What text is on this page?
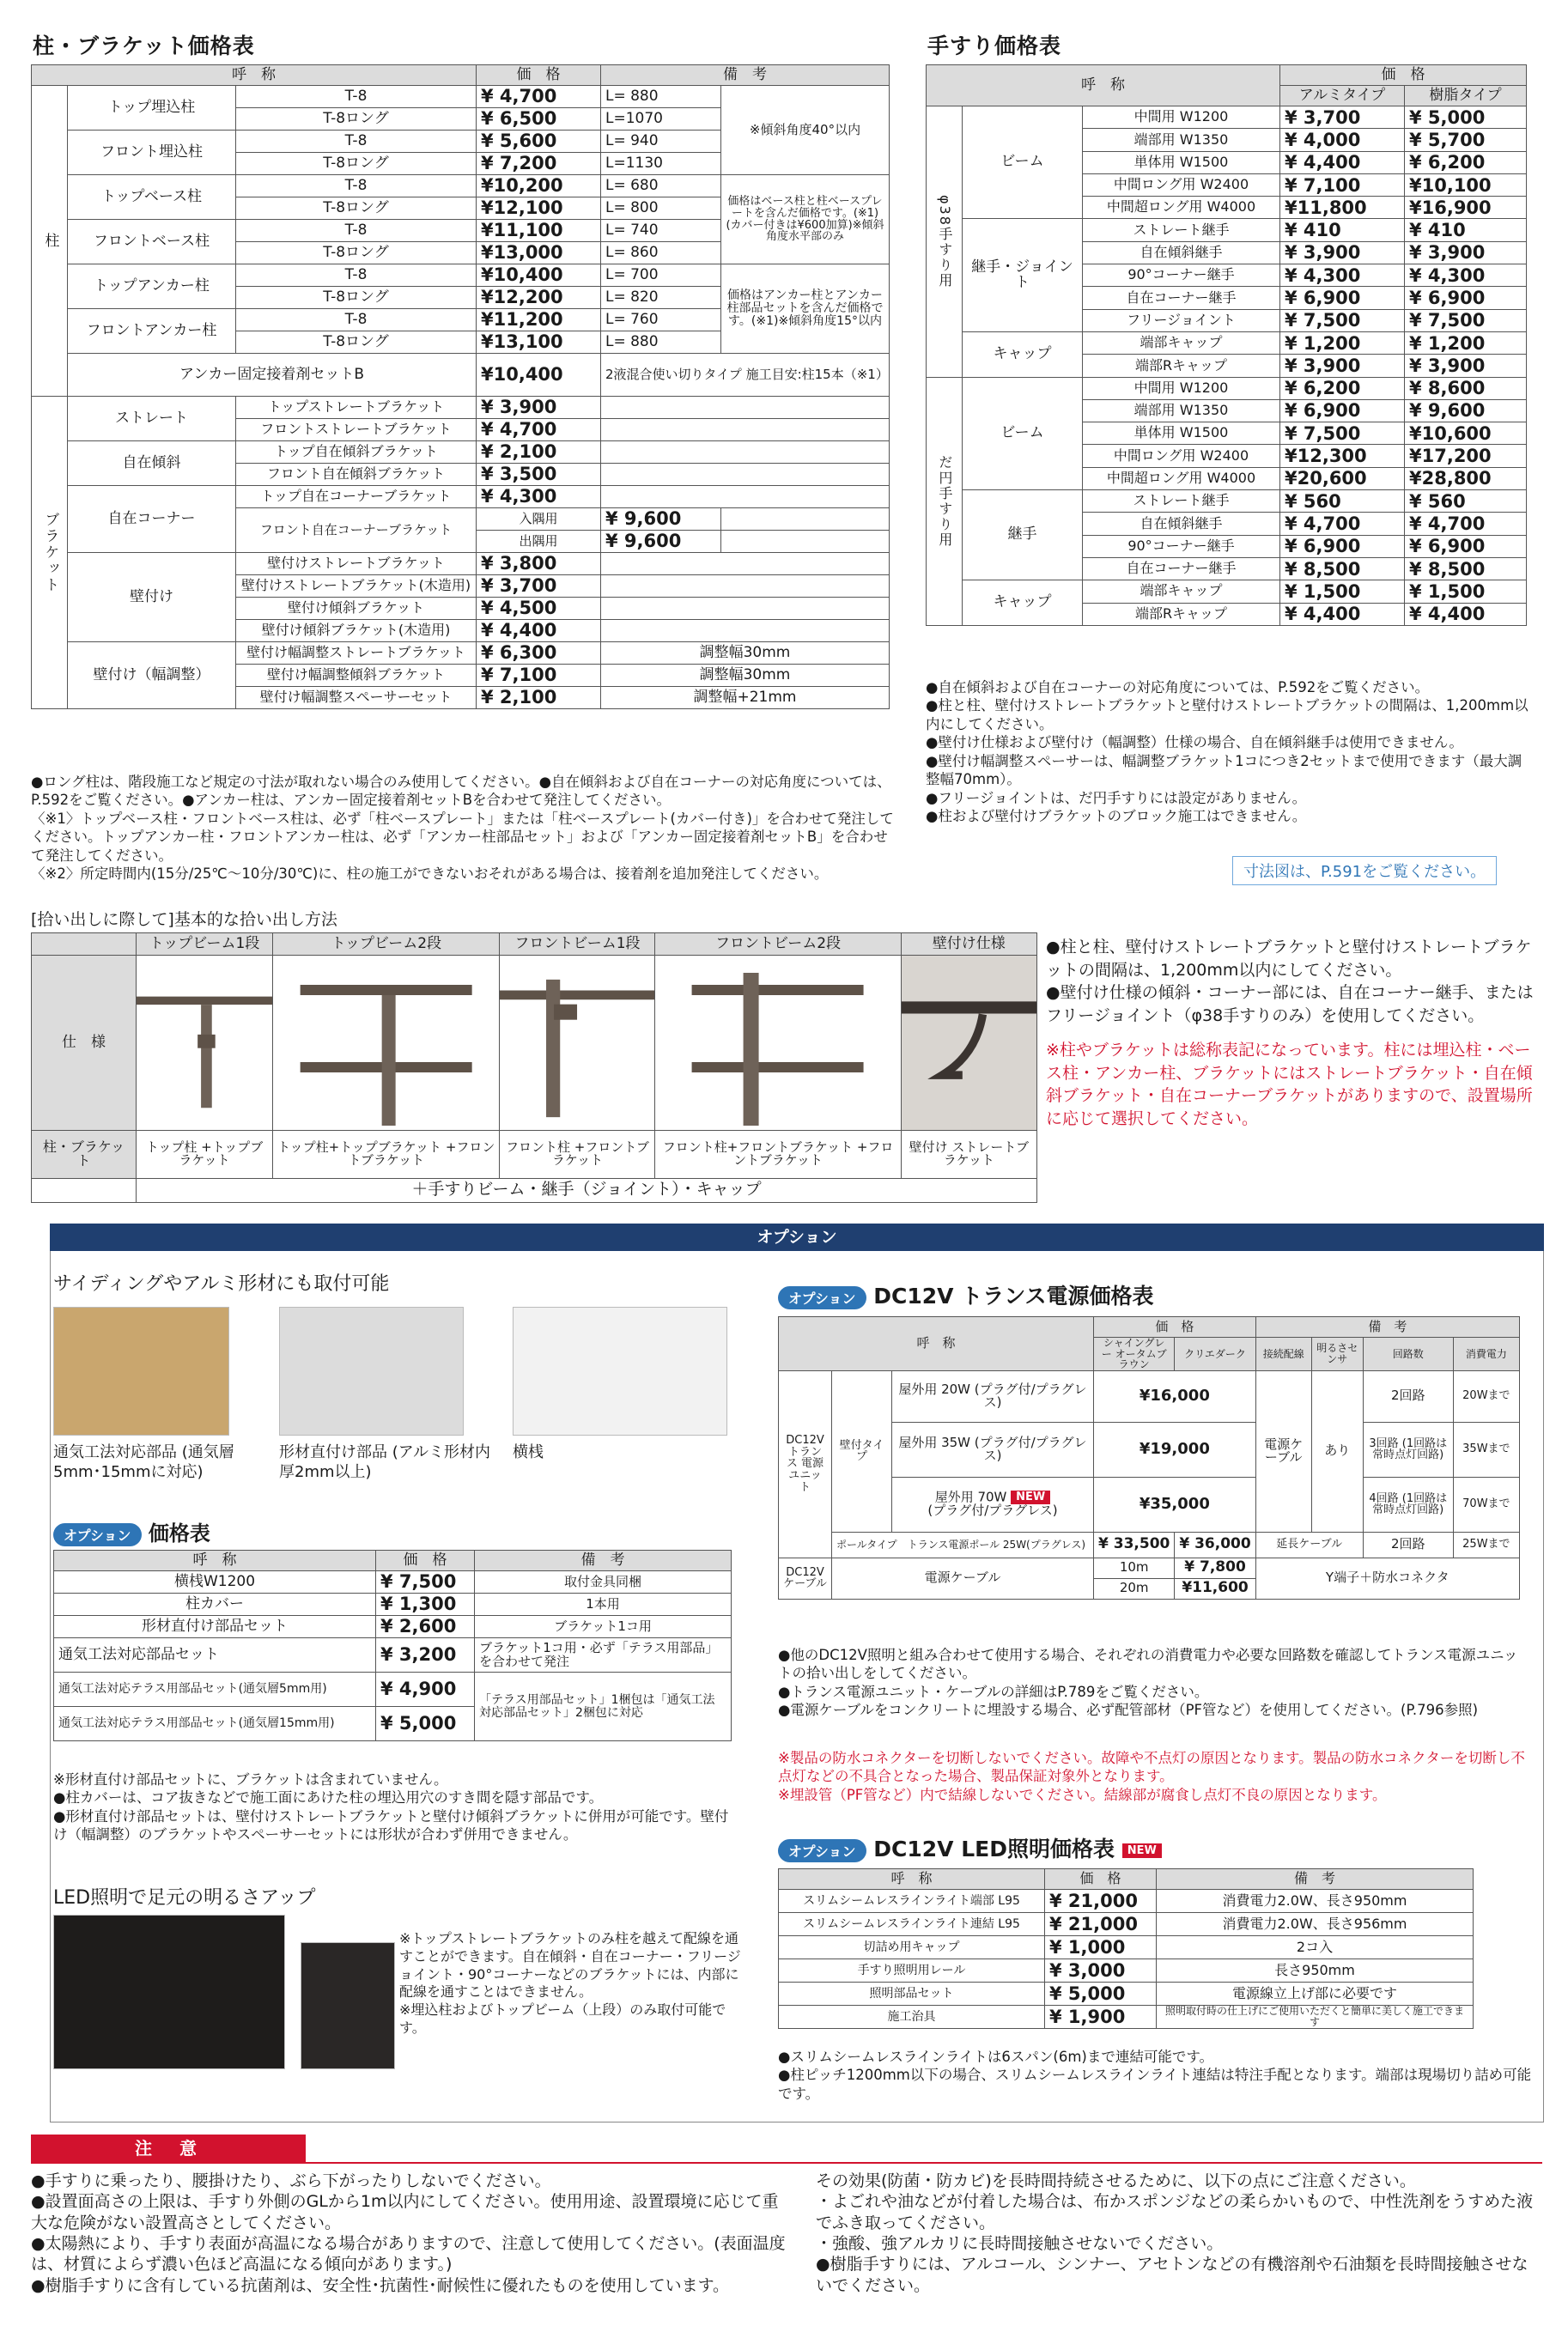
柱・ブラケット価格表
呼　称			価　格	備　考	
柱	トップ埋込柱	T-8	¥ 4,700	L= 880	※傾斜角度40°以内
		T-8ロング	¥ 6,500	L=1070	
	フロント埋込柱	T-8	¥ 5,600	L= 940	
		T-8ロング	¥ 7,200	L=1130	
	トップベース柱	T-8	¥10,200	L= 680	価格はベース柱と柱ベースプレートを含んだ価格です。(※1)(カバー付きは¥600加算)※傾斜角度水平部のみ
		T-8ロング	¥12,100	L= 800	
	フロントベース柱	T-8	¥11,100	L= 740	
		T-8ロング	¥13,000	L= 860	
	トップアンカー柱	T-8	¥10,400	L= 700	価格はアンカー柱とアンカー柱部品セットを含んだ価格です。(※1)※傾斜角度15°以内
		T-8ロング	¥12,200	L= 820	
	フロントアンカー柱	T-8	¥11,200	L= 760	
		T-8ロング	¥13,100	L= 880	
	アンカー固定接着剤セットB		¥10,400	2液混合使い切りタイプ 施工目安:柱15本（※1）	
ブラケット	ストレート	トップストレートブラケット	¥ 3,900		
		フロントストレートブラケット	¥ 4,700		
	自在傾斜	トップ自在傾斜ブラケット	¥ 2,100		
		フロント自在傾斜ブラケット	¥ 3,500		
	自在コーナー	トップ自在コーナーブラケット	¥ 4,300		
		フロント自在コーナーブラケット	入隅用	¥ 9,600	
			出隅用	¥ 9,600	
	壁付け	壁付けストレートブラケット	¥ 3,800		
		壁付けストレートブラケット(木造用)	¥ 3,700		
		壁付け傾斜ブラケット	¥ 4,500		
		壁付け傾斜ブラケット(木造用)	¥ 4,400		
	壁付け（幅調整）	壁付け幅調整ストレートブラケット	¥ 6,300	調整幅30mm	
		壁付け幅調整傾斜ブラケット	¥ 7,100	調整幅30mm	
		壁付け幅調整スペーサーセット	¥ 2,100	調整幅+21mm	
手すり価格表
呼　称			価　格	
			アルミタイプ	樹脂タイプ
φ38手すり用	ビーム	中間用 W1200	¥ 3,700	¥ 5,000
		端部用 W1350	¥ 4,000	¥ 5,700
		単体用 W1500	¥ 4,400	¥ 6,200
		中間ロング用 W2400	¥ 7,100	¥10,100
		中間超ロング用 W4000	¥11,800	¥16,900
	継手・ジョイント	ストレート継手	¥ 410	¥ 410
		自在傾斜継手	¥ 3,900	¥ 3,900
		90°コーナー継手	¥ 4,300	¥ 4,300
		自在コーナー継手	¥ 6,900	¥ 6,900
		フリージョイント	¥ 7,500	¥ 7,500
	キャップ	端部キャップ	¥ 1,200	¥ 1,200
		端部Rキャップ	¥ 3,900	¥ 3,900
だ円手すり用	ビーム	中間用 W1200	¥ 6,200	¥ 8,600
		端部用 W1350	¥ 6,900	¥ 9,600
		単体用 W1500	¥ 7,500	¥10,600
		中間ロング用 W2400	¥12,300	¥17,200
		中間超ロング用 W4000	¥20,600	¥28,800
	継手	ストレート継手	¥ 560	¥ 560
		自在傾斜継手	¥ 4,700	¥ 4,700
		90°コーナー継手	¥ 6,900	¥ 6,900
		自在コーナー継手	¥ 8,500	¥ 8,500
	キャップ	端部キャップ	¥ 1,500	¥ 1,500
		端部Rキャップ	¥ 4,400	¥ 4,400

●自在傾斜および自在コーナーの対応角度については、P.592をご覧ください。

●柱と柱、壁付けストレートブラケットと壁付けストレートブラケットの間隔は、1,200mm以内にしてください。

●壁付け仕様および壁付け（幅調整）仕様の場合、自在傾斜継手は使用できません。

●壁付け幅調整スペーサーは、幅調整ブラケット1コにつき2セットまで使用できます（最大調整幅70mm）。

●フリージョイントは、だ円手すりには設定がありません。

●柱および壁付けブラケットのブロック施工はできません。

寸法図は、P.591をご覧ください。

●ロング柱は、階段施工など規定の寸法が取れない場合のみ使用してください。●自在傾斜および自在コーナーの対応角度については、P.592をご覧ください。●アンカー柱は、アンカー固定接着剤セットBを合わせて発注してください。

〈※1〉トップベース柱・フロントベース柱は、必ず「柱ベースプレート」または「柱ベースプレート(カバー付き)」を合わせて発注してください。トップアンカー柱・フロントアンカー柱は、必ず「アンカー柱部品セット」および「アンカー固定接着剤セットB」を合わせて発注してください。

〈※2〉所定時間内(15分/25℃〜10分/30℃)に、柱の施工ができないおそれがある場合は、接着剤を追加発注してください。

[拾い出しに際して]基本的な拾い出し方法
	トップビーム1段	トップビーム2段	フロントビーム1段	フロントビーム2段	壁付け仕様
仕　様					
柱・ブラケット	トップ柱 +トップブラケット	トップ柱+トップブラケット +フロントブラケット	フロント柱 +フロントブラケット	フロント柱+フロントブラケット +フロントブラケット	壁付け ストレートブラケット
	＋手すりビーム・継手（ジョイント）・キャップ				

●柱と柱、壁付けストレートブラケットと壁付けストレートブラケットの間隔は、1,200mm以内にしてください。

●壁付け仕様の傾斜・コーナー部には、自在コーナー継手、またはフリージョイント（φ38手すりのみ）を使用してください。

※柱やブラケットは総称表記になっています。柱には埋込柱・ベース柱・アンカー柱、ブラケットにはストレートブラケット・自在傾斜ブラケット・自在コーナーブラケットがありますので、設置場所に応じて選択してください。
オプション
サイディングやアルミ形材にも取付可能
通気工法対応部品 (通気層5mm･15mmに対応)
形材直付け部品 (アルミ形材内厚2mm以上)
横桟
オプション 価格表
呼　称	価　格	備　考
横桟W1200	¥ 7,500	取付金具同梱
柱カバー	¥ 1,300	1本用
形材直付け部品セット	¥ 2,600	ブラケット1コ用
通気工法対応部品セット	¥ 3,200	ブラケット1コ用・必ず「テラス用部品」を合わせて発注
通気工法対応テラス用部品セット(通気層5mm用)	¥ 4,900	「テラス用部品セット」1梱包は「通気工法対応部品セット」2梱包に対応
通気工法対応テラス用部品セット(通気層15mm用)	¥ 5,000	

※形材直付け部品セットに、ブラケットは含まれていません。

●柱カバーは、コア抜きなどで施工面にあけた柱の埋込用穴のすき間を隠す部品です。

●形材直付け部品セットは、壁付けストレートブラケットと壁付け傾斜ブラケットに併用が可能です。壁付け（幅調整）のブラケットやスペーサーセットには形状が合わず併用できません。

LED照明で足元の明るさアップ

※トップストレートブラケットのみ柱を越えて配線を通すことができます。自在傾斜・自在コーナー・フリージョイント・90°コーナーなどのブラケットには、内部に配線を通すことはできません。

※埋込柱およびトップビーム（上段）のみ取付可能です。

オプション DC12V トランス電源価格表
呼　称			価　格		備　考			
			シャイングレー オータムブラウン	クリエダーク	接続配線	明るさセンサ	回路数	消費電力
DC12V トランス 電源 ユニット	壁付タイプ	屋外用 20W (プラグ付/プラグレス)	¥16,000		電源ケーブル	あり	2回路	20Wまで
		屋外用 35W (プラグ付/プラグレス)	¥19,000				3回路 (1回路は常時点灯回路)	35Wまで
		屋外用 70W NEW
(プラグ付/プラグレス)	¥35,000				4回路 (1回路は常時点灯回路)	70Wまで
	ポールタイプ　 トランス電源ポール 25W(プラグレス)		¥ 33,500	¥ 36,000	延長ケーブル		2回路	25Wまで
DC12V ケーブル	電源ケーブル		10m	¥ 7,800	Y端子＋防水コネクタ			
			20m	¥11,600				

●他のDC12V照明と組み合わせて使用する場合、それぞれの消費電力や必要な回路数を確認してトランス電源ユニットの拾い出しをしてください。

●トランス電源ユニット・ケーブルの詳細はP.789をご覧ください。

●電源ケーブルをコンクリートに埋設する場合、必ず配管部材（PF管など）を使用してください。(P.796参照)

※製品の防水コネクターを切断しないでください。故障や不点灯の原因となります。製品の防水コネクターを切断し不点灯などの不具合となった場合、製品保証対象外となります。

※埋設管（PF管など）内で結線しないでください。結線部が腐食し点灯不良の原因となります。

オプション DC12V LED照明価格表 NEW
呼　称	価　格	備　考
スリムシームレスラインライト端部 L95	¥ 21,000	消費電力2.0W、長さ950mm
スリムシームレスラインライト連結 L95	¥ 21,000	消費電力2.0W、長さ956mm
切詰め用キャップ	¥ 1,000	2コ入
手すり照明用レール	¥ 3,000	長さ950mm
照明部品セット	¥ 5,000	電源線立上げ部に必要です
施工治具	¥ 1,900	照明取付時の仕上げにご使用いただくと簡単に美しく施工できます

●スリムシームレスラインライトは6スパン(6m)まで連結可能です。

●柱ピッチ1200mm以下の場合、スリムシームレスラインライト連結は特注手配となります。端部は現場切り詰め可能です。

注　意

●手すりに乗ったり、腰掛けたり、ぶら下がったりしないでください。

●設置面高さの上限は、手すり外側のGLから1m以内にしてください。使用用途、設置環境に応じて重大な危険がない設置高さとしてください。

●太陽熱により、手すり表面が高温になる場合がありますので、注意して使用してください。(表面温度は、材質によらず濃い色ほど高温になる傾向があります。)

●樹脂手すりに含有している抗菌剤は、安全性･抗菌性･耐候性に優れたものを使用しています。

その効果(防菌・防カビ)を長時間持続させるために、以下の点にご注意ください。

・よごれや油などが付着した場合は、布かスポンジなどの柔らかいもので、中性洗剤をうすめた液でふき取ってください。

・強酸、強アルカリに長時間接触させないでください。

●樹脂手すりには、アルコール、シンナー、アセトンなどの有機溶剤や石油類を長時間接触させないでください。
